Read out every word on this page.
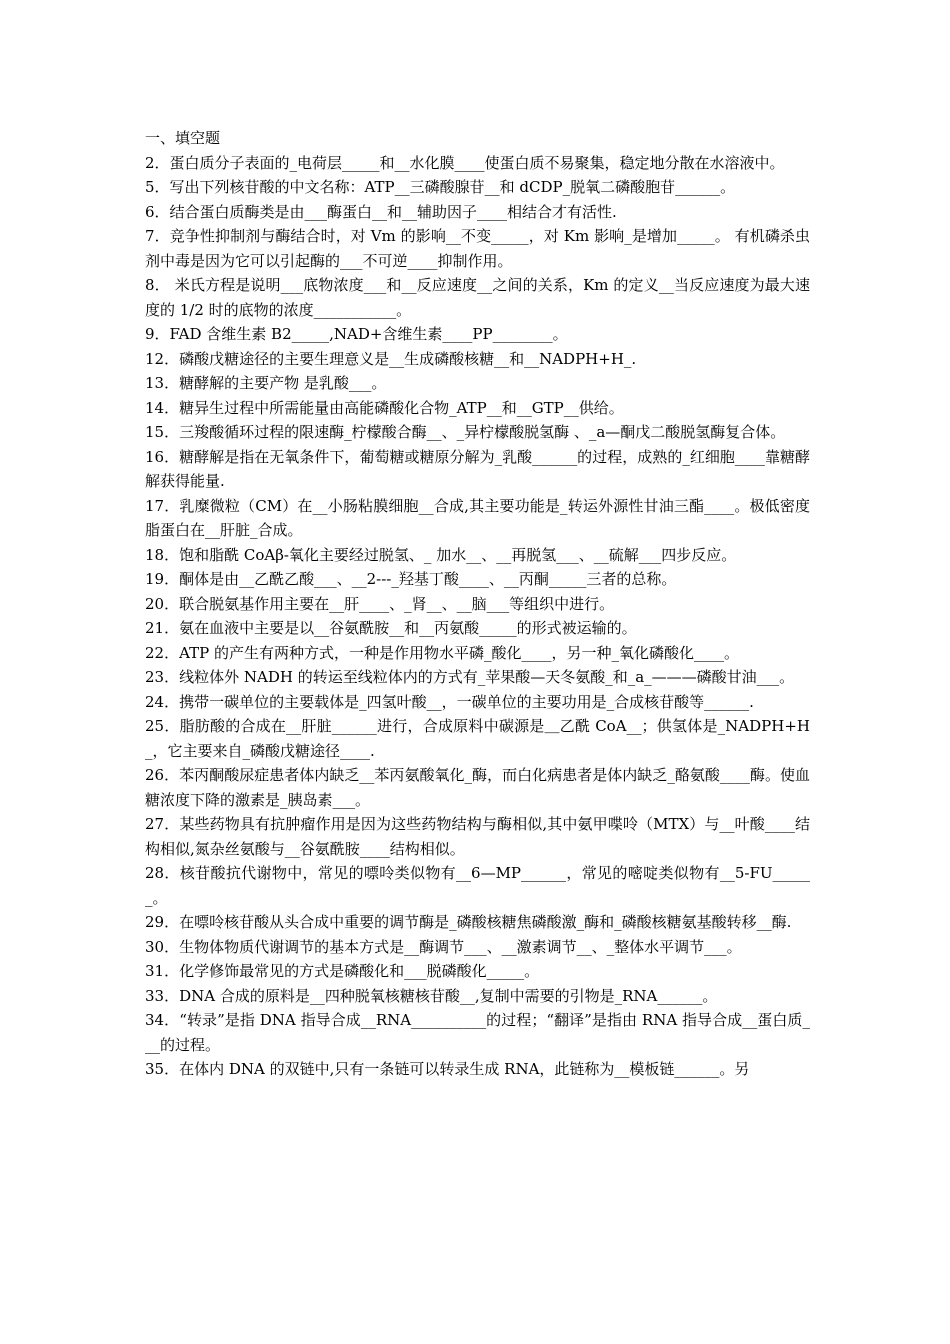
一、填空题

2．蛋白质分子表面的_电荷层_____和__水化膜____使蛋白质不易聚集，稳定地分散在水溶液中。

5．写出下列核苷酸的中文名称：ATP__三磷酸腺苷__和 dCDP_脱氧二磷酸胞苷______。

6．结合蛋白质酶类是由___酶蛋白__和__辅助因子____相结合才有活性.

7．竞争性抑制剂与酶结合时，对 Vm 的影响__不变_____，对 Km 影响_是增加_____。 有机磷杀虫剂中毒是因为它可以引起酶的___不可逆____抑制作用。

8． 米氏方程是说明___底物浓度___和__反应速度__之间的关系，Km 的定义__当反应速度为最大速度的 1/2 时的底物的浓度___________。

9．FAD 含维生素 B2_____,NAD+含维生素____PP________。

12．磷酸戊糖途径的主要生理意义是__生成磷酸核糖__和__NADPH+H_.

13．糖酵解的主要产物 是乳酸___。

14．糖异生过程中所需能量由高能磷酸化合物_ATP__和__GTP__供给。

15．三羧酸循环过程的限速酶_柠檬酸合酶__、_异柠檬酸脱氢酶 、_a—酮戊二酸脱氢酶复合体。

16．糖酵解是指在无氧条件下，葡萄糖或糖原分解为_乳酸______的过程，成熟的_红细胞____靠糖酵解获得能量.

17．乳糜微粒（CM）在__小肠粘膜细胞__合成,其主要功能是_转运外源性甘油三酯____。极低密度脂蛋白在__肝脏_合成。

18．饱和脂酰 CoAβ-氧化主要经过脱氢、_ 加水__、__再脱氢___、__硫解___四步反应。

19．酮体是由__乙酰乙酸___、__2---_羟基丁酸____、__丙酮_____三者的总称。

20．联合脱氨基作用主要在__肝____、_肾__、__脑___等组织中进行。

21．氨在血液中主要是以__谷氨酰胺__和__丙氨酸_____的形式被运输的。

22．ATP 的产生有两种方式，一种是作用物水平磷_酸化____，另一种_氧化磷酸化____。

23．线粒体外 NADH 的转运至线粒体内的方式有_苹果酸—天冬氨酸_和_a_———磷酸甘油___。

24．携带一碳单位的主要载体是_四氢叶酸__，一碳单位的主要功用是_合成核苷酸等______.

25．脂肪酸的合成在__肝脏______进行，合成原料中碳源是＿乙酰 CoA__；供氢体是_NADPH+H_，它主要来自_磷酸戊糖途径____.

26．苯丙酮酸尿症患者体内缺乏__苯丙氨酸氧化_酶，而白化病患者是体内缺乏_酪氨酸____酶。使血糖浓度下降的激素是_胰岛素___。

27．某些药物具有抗肿瘤作用是因为这些药物结构与酶相似,其中氨甲喋呤（MTX）与__叶酸____结构相似,氮杂丝氨酸与__谷氨酰胺____结构相似。

28．核苷酸抗代谢物中，常见的嘌呤类似物有__6—MP______，常见的嘧啶类似物有__5-FU______。

29．在嘌呤核苷酸从头合成中重要的调节酶是_磷酸核糖焦磷酸激_酶和_磷酸核糖氨基酸转移__酶.

30．生物体物质代谢调节的基本方式是__酶调节___、__激素调节__、_整体水平调节___。

31．化学修饰最常见的方式是磷酸化和___脱磷酸化_____。

33．DNA 合成的原料是__四种脱氧核糖核苷酸__,复制中需要的引物是_RNA______。

34．“转录”是指 DNA 指导合成__RNA__________的过程；“翻译”是指由 RNA 指导合成__蛋白质___的过程。

35．在体内 DNA 的双链中,只有一条链可以转录生成 RNA，此链称为__模板链______。另
